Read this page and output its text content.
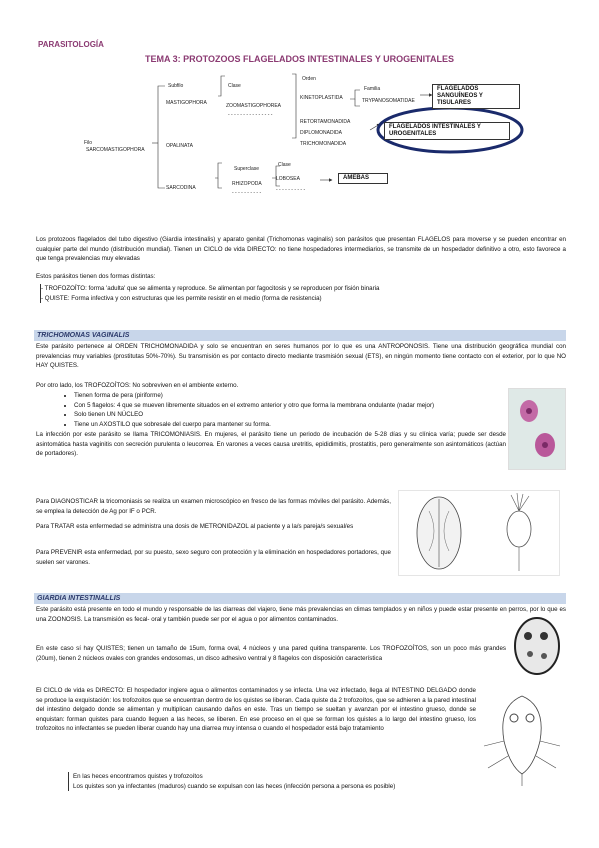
PARASITOLOGÍA
TEMA 3: PROTOZOOS FLAGELADOS INTESTINALES Y UROGENITALES
Filo
SARCOMASTIGOPHORA
Subfilo
MASTIGOPHORA
OPALINATA
SARCODINA
Clase
ZOOMASTIGOPHOREA
- - - - - - - - - - - - - - -
Orden
KINETOPLASTIDA
Familia
TRYPANOSOMATIDAE
RETORTAMONADIDA
DIPLOMONADIDA
TRICHOMONADIDA
Superclase
RHIZOPODA
- - - - - - - - - -
Clase
LOBOSEA
- - - - - - - - - -
FLAGELADOS SANGUÍNEOS Y TISULARES
FLAGELADOS INTESTINALES Y UROGENITALES
AMEBAS
Los protozoos flagelados del tubo digestivo (Giardia intestinalis) y aparato genital (Trichomonas vaginalis) son parásitos que presentan FLAGELOS para moverse y se pueden encontrar en cualquier parte del mundo (distribución mundial). Tienen un CICLO de vida DIRECTO: no tiene hospedadores intermediarios, se transmite de un hospedador definitivo a otro, esto favorece a que tenga prevalencias muy elevadas
Estos parásitos tienen dos formas distintas:
- TROFOZOÍTO: forma 'adulta' que se alimenta y reproduce. Se alimentan por fagocitosis y se reproducen por fisión binaria
- QUISTE: Forma infectiva y con estructuras que les permite resistir en el medio (forma de resistencia)
TRICHOMONAS VAGINALIS
Este parásito pertenece al ORDEN TRICHOMONADIDA y solo se encuentran en seres humanos por lo que es una ANTROPONOSIS. Tiene una distribución geográfica mundial con prevalencias muy variables (prostitutas 50%-70%). Su transmisión es por contacto directo mediante trasmisión sexual (ETS), en ningún momento tiene contacto con el exterior, por lo que NO HAY QUISTES.
Por otro lado, los TROFOZOÍTOS: No sobreviven en el ambiente externo.
• Tienen forma de pera (piriforme)
• Con 5 flagelos: 4 que se mueven libremente situados en el extremo anterior y otro que forma la membrana ondulante (nadar mejor)
• Solo tienen UN NÚCLEO
• Tiene un AXOSTILO que sobresale del cuerpo para mantener su forma.
La infección por este parásito se llama TRICOMONIASIS. En mujeres, el parásito tiene un periodo de incubación de 5-28 días y su clínica varía; puede ser desde asintomática hasta vaginitis con secreción purulenta o leucorrea. En varones a veces causa uretritis, epididimitis, prostatitis, pero generalmente son asintomáticos (actúan de portadores).
Para DIAGNOSTICAR la tricomoniasis se realiza un examen microscópico en fresco de las formas móviles del parásito. Además, se emplea la detección de Ag por IF o PCR.
Para TRATAR esta enfermedad se administra una dosis de METRONIDAZOL al paciente y a la/s pareja/s sexual/es
Para PREVENIR esta enfermedad, por su puesto, sexo seguro con protección y la eliminación en hospedadores portadores, que suelen ser varones.
GIARDIA INTESTINALLIS
Este parásito está presente en todo el mundo y responsable de las diarreas del viajero, tiene más prevalencias en climas templados y en niños y puede estar presente en perros, por lo que es una ZOONOSIS. La transmisión es fecal- oral y también puede ser por el agua o por alimentos contaminados.
En este caso sí hay QUISTES; tienen un tamaño de 15um, forma oval, 4 núcleos y una pared quitina transparente. Los TROFOZOÍTOS, son un poco más grandes (20um), tienen 2 núcleos ovales con grandes endosomas, un disco adhesivo ventral y 8 flagelos con disposición característica
El CICLO de vida es DIRECTO: El hospedador ingiere agua o alimentos contaminados y se infecta. Una vez infectado, llega al INTESTINO DELGADO donde se produce la exquistación: los trofozoitos que se encuentran dentro de los quistes se liberan. Cada quiste da 2 trofozoítos, que se adhieren a la pared intestinal del intestino delgado donde se alimentan y multiplican causando daños en este. Tras un tiempo se sueltan y avanzan por el intestino grueso, donde se enquistan: forman quistes para cuando lleguen a las heces, se liberen. En ese proceso en el que se forman los quistes a lo largo del intestino grueso, los trofozoitos no infectantes se pueden liberar cuando hay una diarrea muy intensa o cuando el hospedador está bajo tratamiento
En las heces encontramos quistes y trofozoítos
Los quistes son ya infectantes (maduros) cuando se expulsan con las heces (infección persona a persona es posible)
